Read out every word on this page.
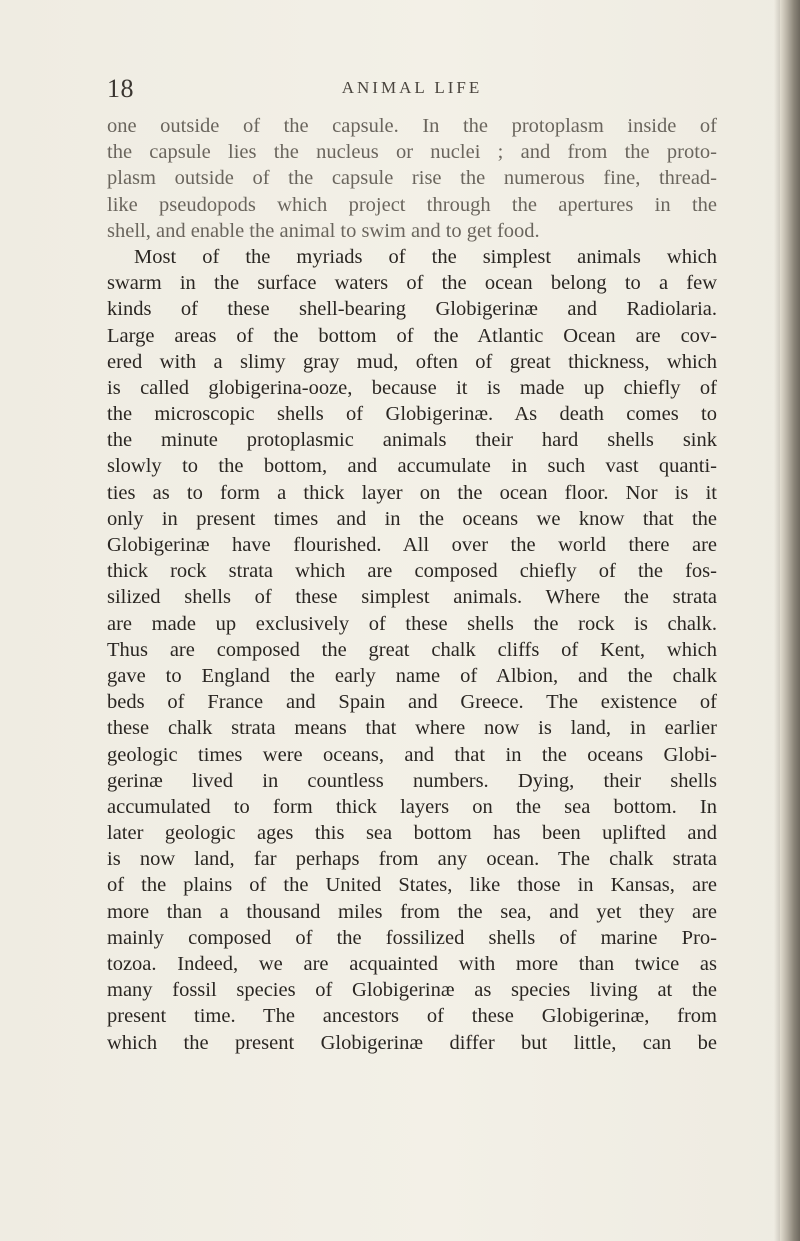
18	ANIMAL LIFE
one outside of the capsule. In the protoplasm inside of
the capsule lies the nucleus or nuclei ; and from the proto-
plasm outside of the capsule rise the numerous fine, thread-
like pseudopods which project through the apertures in the
shell, and enable the animal to swim and to get food.
Most of the myriads of the simplest animals which
swarm in the surface waters of the ocean belong to a few
kinds of these shell-bearing Globigerinæ and Radiolaria.
Large areas of the bottom of the Atlantic Ocean are cov-
ered with a slimy gray mud, often of great thickness, which
is called globigerina-ooze, because it is made up chiefly of
the microscopic shells of Globigerinæ. As death comes to
the minute protoplasmic animals their hard shells sink
slowly to the bottom, and accumulate in such vast quanti-
ties as to form a thick layer on the ocean floor. Nor is it
only in present times and in the oceans we know that the
Globigerinæ have flourished. All over the world there are
thick rock strata which are composed chiefly of the fos-
silized shells of these simplest animals. Where the strata
are made up exclusively of these shells the rock is chalk.
Thus are composed the great chalk cliffs of Kent, which
gave to England the early name of Albion, and the chalk
beds of France and Spain and Greece. The existence of
these chalk strata means that where now is land, in earlier
geologic times were oceans, and that in the oceans Globi-
gerinæ lived in countless numbers. Dying, their shells
accumulated to form thick layers on the sea bottom. In
later geologic ages this sea bottom has been uplifted and
is now land, far perhaps from any ocean. The chalk strata
of the plains of the United States, like those in Kansas, are
more than a thousand miles from the sea, and yet they are
mainly composed of the fossilized shells of marine Pro-
tozoa. Indeed, we are acquainted with more than twice as
many fossil species of Globigerinæ as species living at the
present time. The ancestors of these Globigerinæ, from
which the present Globigerinæ differ but little, can be
